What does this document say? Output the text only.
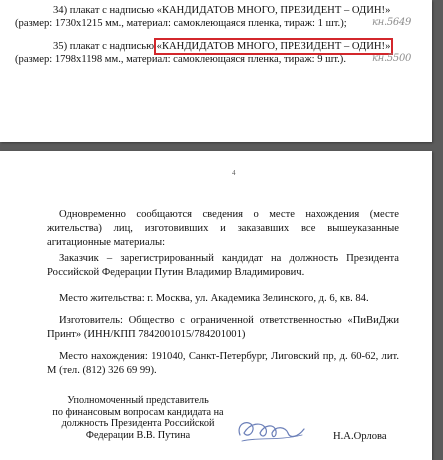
34) плакат с надписью «КАНДИДАТОВ МНОГО, ПРЕЗИДЕНТ – ОДИН!»
(размер: 1730х1215 мм., материал: самоклеющаяся пленка, тираж: 1 шт.);	кн.5649
35) плакат с надписью «КАНДИДАТОВ МНОГО, ПРЕЗИДЕНТ – ОДИН!»
(размер: 1798х1198 мм., материал: самоклеющаяся пленка, тираж: 9 шт.).	кн.5500
4
Одновременно сообщаются сведения о месте нахождения (месте жительства) лиц, изготовивших и заказавших все вышеуказанные агитационные материалы:
Заказчик – зарегистрированный кандидат на должность Президента Российской Федерации Путин Владимир Владимирович.
Место жительства: г. Москва, ул. Академика Зелинского, д. 6, кв. 84.
Изготовитель: Общество с ограниченной ответственностью «ПиВиДжи Принт» (ИНН/КПП 7842001015/784201001)
Место нахождения: 191040, Санкт-Петербург, Лиговский пр, д. 60-62, лит. М (тел. (812) 326 69 99).
Уполномоченный представитель
по финансовым вопросам кандидата на
должность Президента Российской
Федерации В.В. Путина	Н.А.Орлова
